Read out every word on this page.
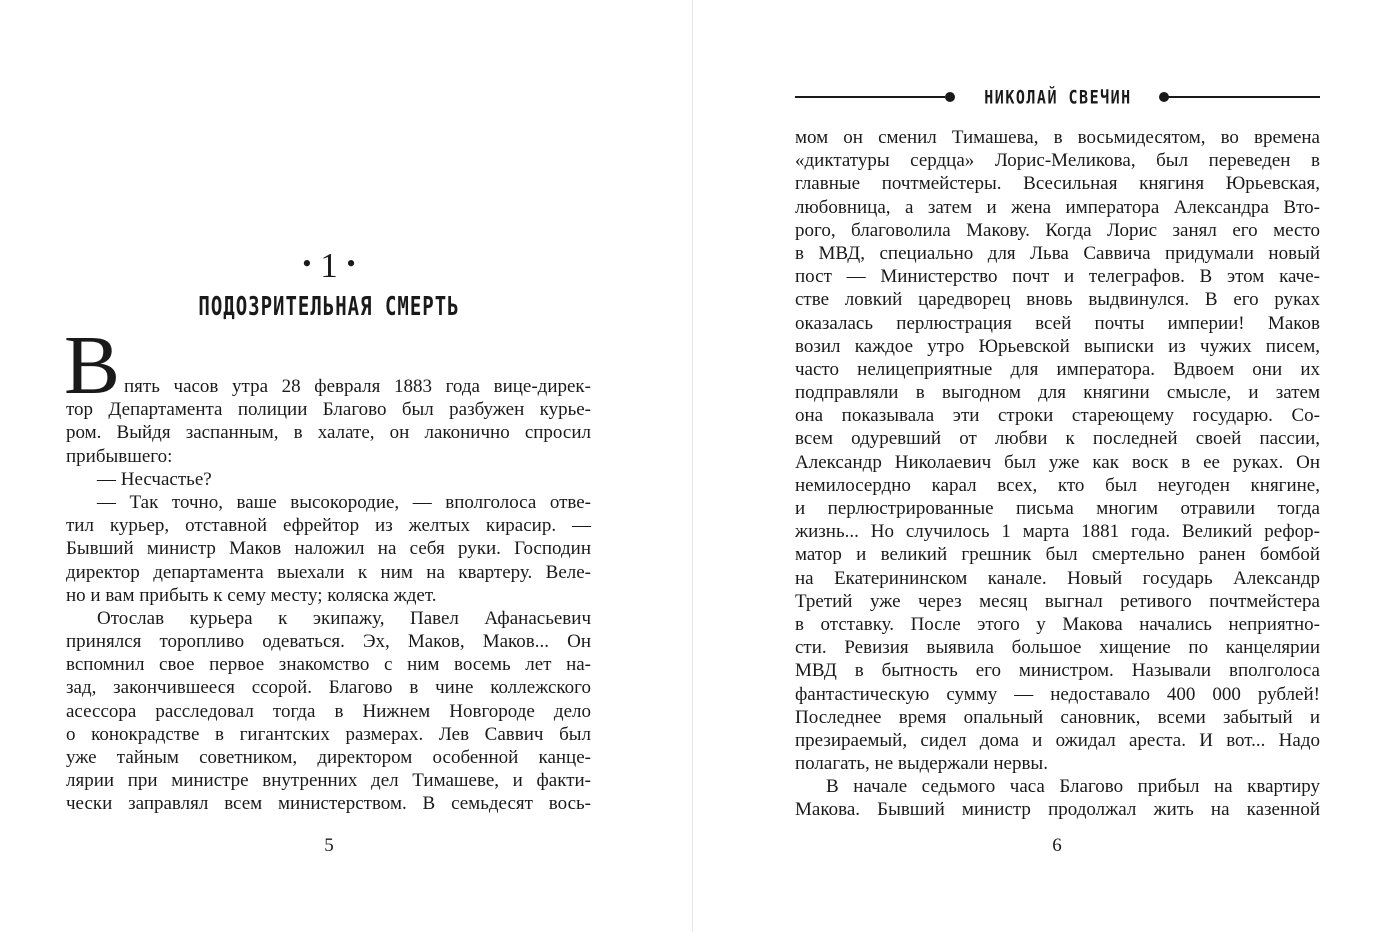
• 1 •
ПОДОЗРИТЕЛЬНАЯ СМЕРТЬ
В пять часов утра 28 февраля 1883 года вице-дирек-
тор Департамента полиции Благово был разбужен курье-
ром. Выйдя заспанным, в халате, он лаконично спросил
прибывшего:
— Несчастье?
— Так точно, ваше высокородие, — вполголоса отве-
тил курьер, отставной ефрейтор из желтых кирасир. —
Бывший министр Маков наложил на себя руки. Господин
директор департамента выехали к ним на квартеру. Веле-
но и вам прибыть к сему месту; коляска ждет.
Отослав курьера к экипажу, Павел Афанасьевич
принялся торопливо одеваться. Эх, Маков, Маков... Он
вспомнил свое первое знакомство с ним восемь лет на-
зад, закончившееся ссорой. Благово в чине коллежского
асессора расследовал тогда в Нижнем Новгороде дело
о конокрадстве в гигантских размерах. Лев Саввич был
уже тайным советником, директором особенной канце-
лярии при министре внутренних дел Тимашеве, и факти-
чески заправлял всем министерством. В семьдесят вось-
5
НИКОЛАЙ СВЕЧИН
мом он сменил Тимашева, в восьмидесятом, во времена
«диктатуры сердца» Лорис-Меликова, был переведен в
главные почтмейстеры. Всесильная княгиня Юрьевская,
любовница, а затем и жена императора Александра Вто-
рого, благоволила Макову. Когда Лорис занял его место
в МВД, специально для Льва Саввича придумали новый
пост — Министерство почт и телеграфов. В этом каче-
стве ловкий царедворец вновь выдвинулся. В его руках
оказалась перлюстрация всей почты империи! Маков
возил каждое утро Юрьевской выписки из чужих писем,
часто нелицеприятные для императора. Вдвоем они их
подправляли в выгодном для княгини смысле, и затем
она показывала эти строки стареющему государю. Со-
всем одуревший от любви к последней своей пассии,
Александр Николаевич был уже как воск в ее руках. Он
немилосердно карал всех, кто был неугоден княгине,
и перлюстрированные письма многим отравили тогда
жизнь... Но случилось 1 марта 1881 года. Великий рефор-
матор и великий грешник был смертельно ранен бомбой
на Екатерининском канале. Новый государь Александр
Третий уже через месяц выгнал ретивого почтмейстера
в отставку. После этого у Макова начались неприятно-
сти. Ревизия выявила большое хищение по канцелярии
МВД в бытность его министром. Называли вполголоса
фантастическую сумму — недоставало 400 000 рублей!
Последнее время опальный сановник, всеми забытый и
презираемый, сидел дома и ожидал ареста. И вот... Надо
полагать, не выдержали нервы.
В начале седьмого часа Благово прибыл на квартиру
Макова. Бывший министр продолжал жить на казенной
6
